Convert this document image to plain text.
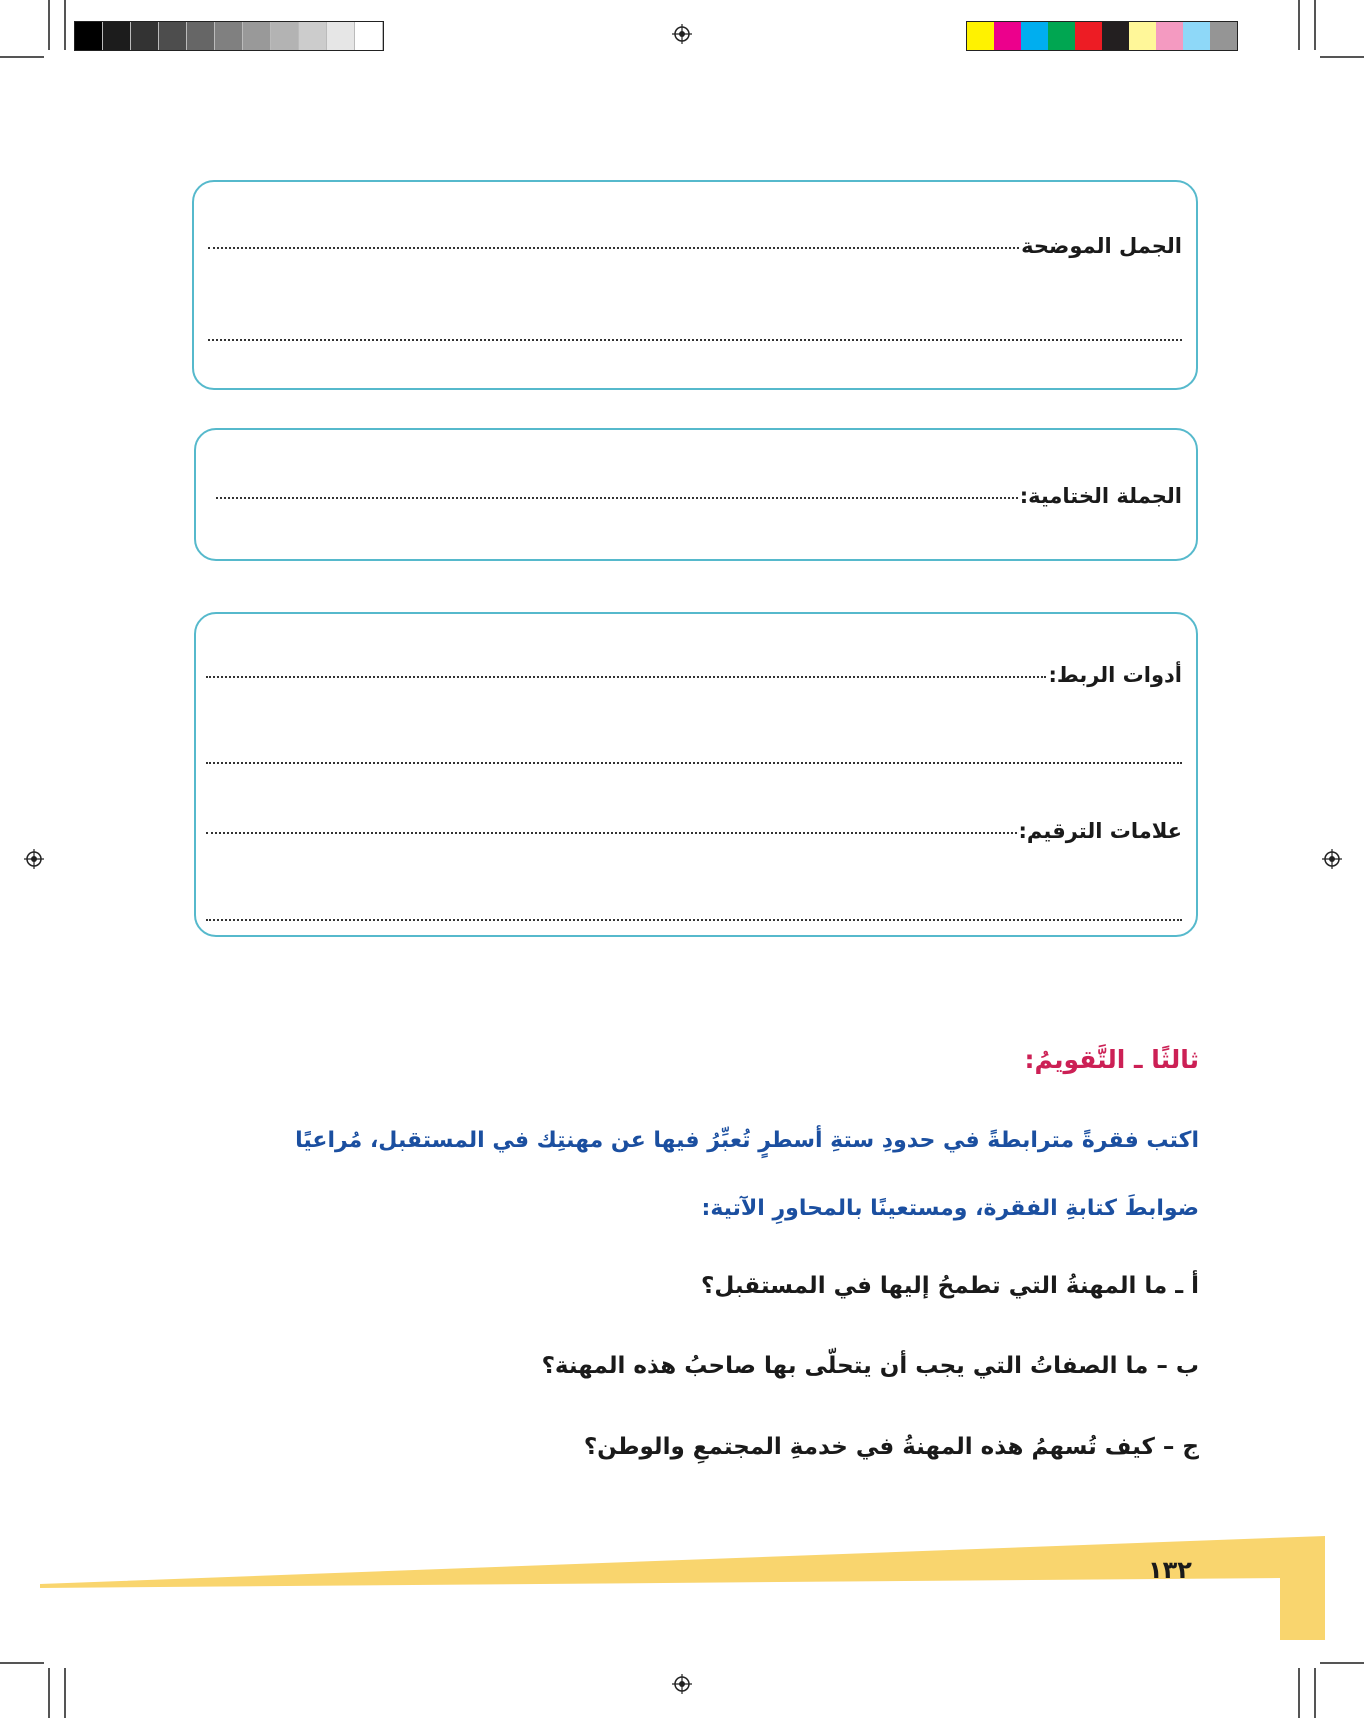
الجمل الموضحة
الجملة الختامية:
أدوات الربط:
علامات الترقيم:
ثالثًا ـ التَّقويمُ:
اكتب فقرةً مترابطةً في حدودِ ستةِ أسطرٍ تُعبِّرُ فيها عن مهنتِك في المستقبل، مُراعيًا
ضوابطَ كتابةِ الفقرة، ومستعينًا بالمحاورِ الآتية:
أ ـ ما المهنةُ التي تطمحُ إليها في المستقبل؟
ب – ما الصفاتُ التي يجب أن يتحلّى بها صاحبُ هذه المهنة؟
ج – كيف تُسهمُ هذه المهنةُ في خدمةِ المجتمعِ والوطن؟
١٣٢
